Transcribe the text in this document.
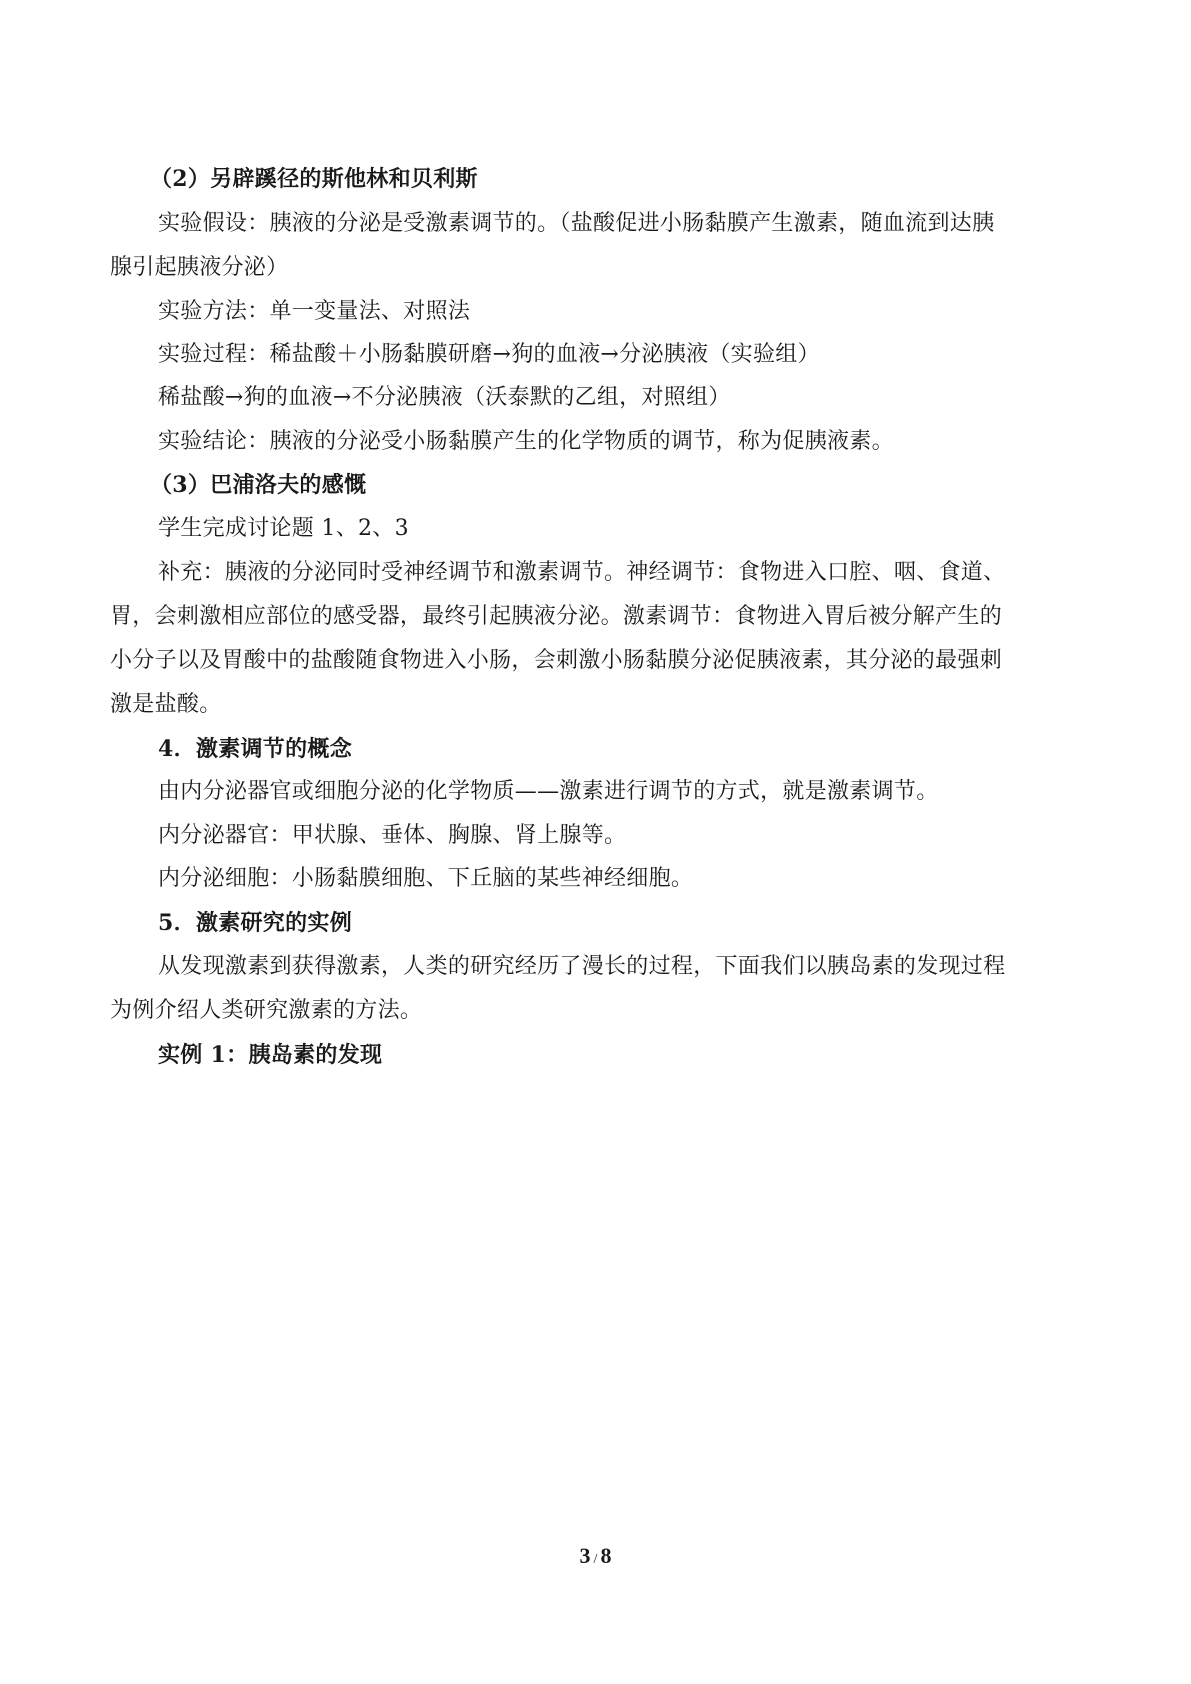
（2）另辟蹊径的斯他林和贝利斯
实验假设：胰液的分泌是受激素调节的。（盐酸促进小肠黏膜产生激素，随血流到达胰
腺引起胰液分泌）
实验方法：单一变量法、对照法
实验过程：稀盐酸＋小肠黏膜研磨→狗的血液→分泌胰液（实验组）
稀盐酸→狗的血液→不分泌胰液（沃泰默的乙组，对照组）
实验结论：胰液的分泌受小肠黏膜产生的化学物质的调节，称为促胰液素。
（3）巴浦洛夫的感慨
学生完成讨论题 1、2、3
补充：胰液的分泌同时受神经调节和激素调节。神经调节：食物进入口腔、咽、食道、
胃，会刺激相应部位的感受器，最终引起胰液分泌。激素调节：食物进入胃后被分解产生的
小分子以及胃酸中的盐酸随食物进入小肠，会刺激小肠黏膜分泌促胰液素，其分泌的最强刺
激是盐酸。
4．激素调节的概念
由内分泌器官或细胞分泌的化学物质——激素进行调节的方式，就是激素调节。
内分泌器官：甲状腺、垂体、胸腺、肾上腺等。
内分泌细胞：小肠黏膜细胞、下丘脑的某些神经细胞。
5．激素研究的实例
从发现激素到获得激素，人类的研究经历了漫长的过程，下面我们以胰岛素的发现过程
为例介绍人类研究激素的方法。
实例 1：胰岛素的发现
3 / 8
